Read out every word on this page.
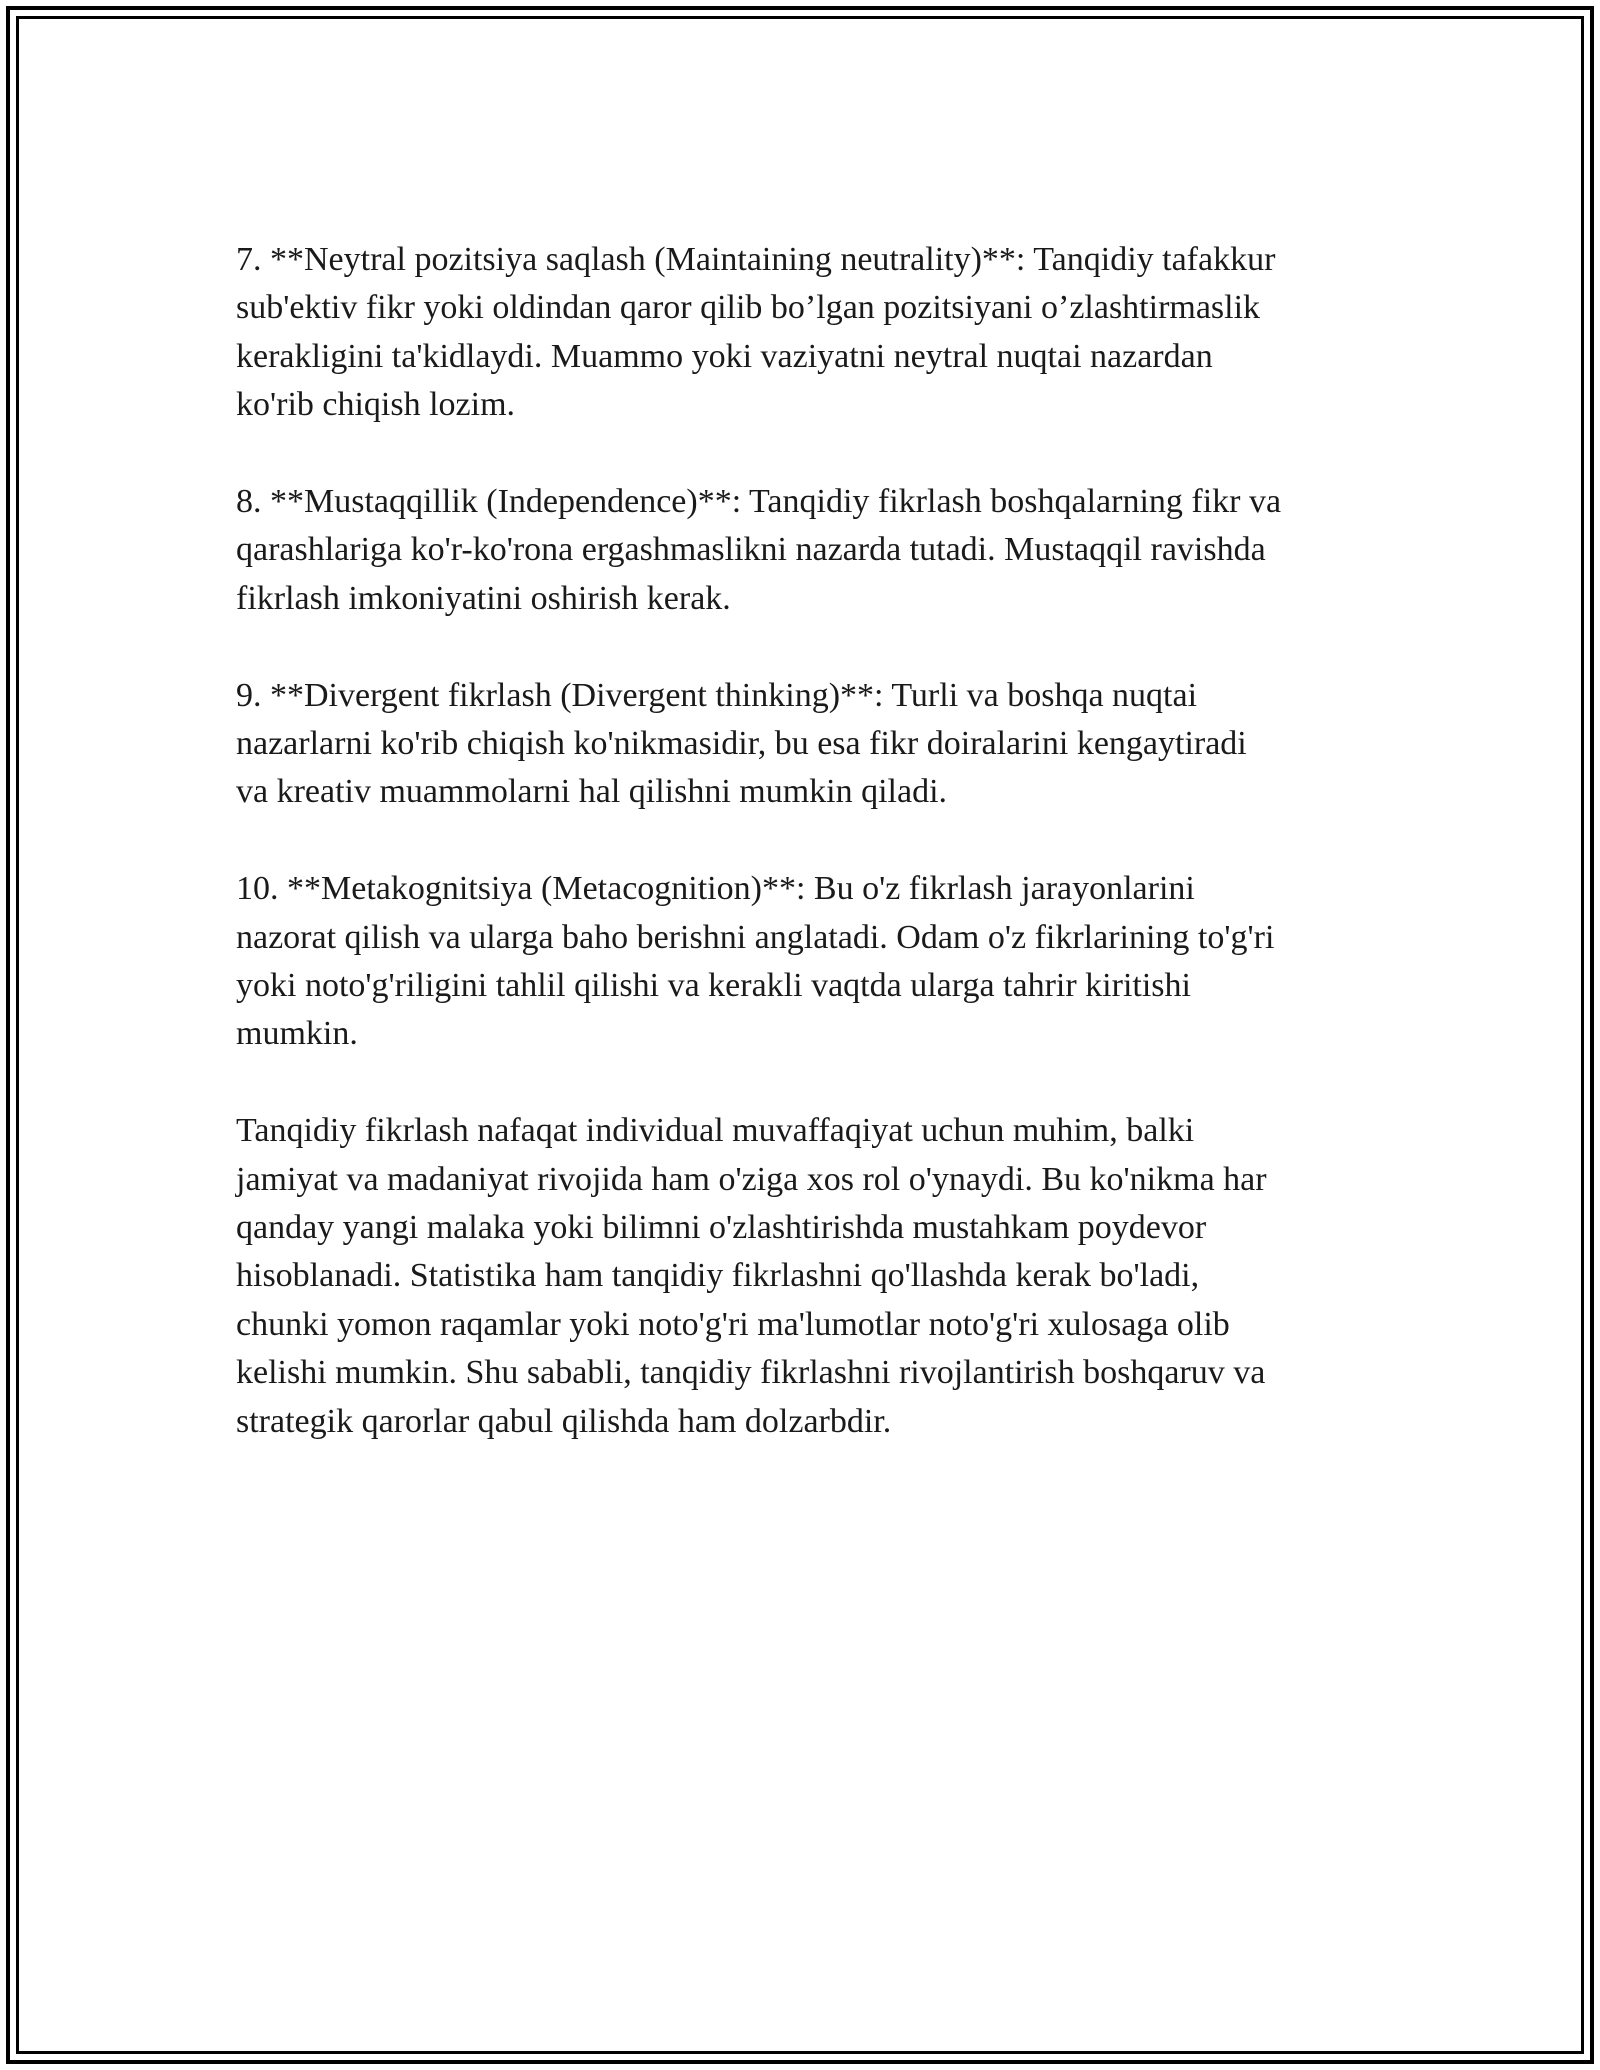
7. **Neytral pozitsiya saqlash (Maintaining neutrality)**: Tanqidiy tafakkur
sub'ektiv fikr yoki oldindan qaror qilib bo’lgan pozitsiyani o’zlashtirmaslik
kerakligini ta'kidlaydi. Muammo yoki vaziyatni neytral nuqtai nazardan
ko'rib chiqish lozim.

8. **Mustaqqillik (Independence)**: Tanqidiy fikrlash boshqalarning fikr va
qarashlariga ko'r-ko'rona ergashmaslikni nazarda tutadi. Mustaqqil ravishda
fikrlash imkoniyatini oshirish kerak.

9. **Divergent fikrlash (Divergent thinking)**: Turli va boshqa nuqtai
nazarlarni ko'rib chiqish ko'nikmasidir, bu esa fikr doiralarini kengaytiradi
va kreativ muammolarni hal qilishni mumkin qiladi.

10. **Metakognitsiya (Metacognition)**: Bu o'z fikrlash jarayonlarini
nazorat qilish va ularga baho berishni anglatadi. Odam o'z fikrlarining to'g'ri
yoki noto'g'riligini tahlil qilishi va kerakli vaqtda ularga tahrir kiritishi
mumkin.

Tanqidiy fikrlash nafaqat individual muvaffaqiyat uchun muhim, balki
jamiyat va madaniyat rivojida ham o'ziga xos rol o'ynaydi. Bu ko'nikma har
qanday yangi malaka yoki bilimni o'zlashtirishda mustahkam poydevor
hisoblanadi. Statistika ham tanqidiy fikrlashni qo'llashda kerak bo'ladi,
chunki yomon raqamlar yoki noto'g'ri ma'lumotlar noto'g'ri xulosaga olib
kelishi mumkin. Shu sababli, tanqidiy fikrlashni rivojlantirish boshqaruv va
strategik qarorlar qabul qilishda ham dolzarbdir.
